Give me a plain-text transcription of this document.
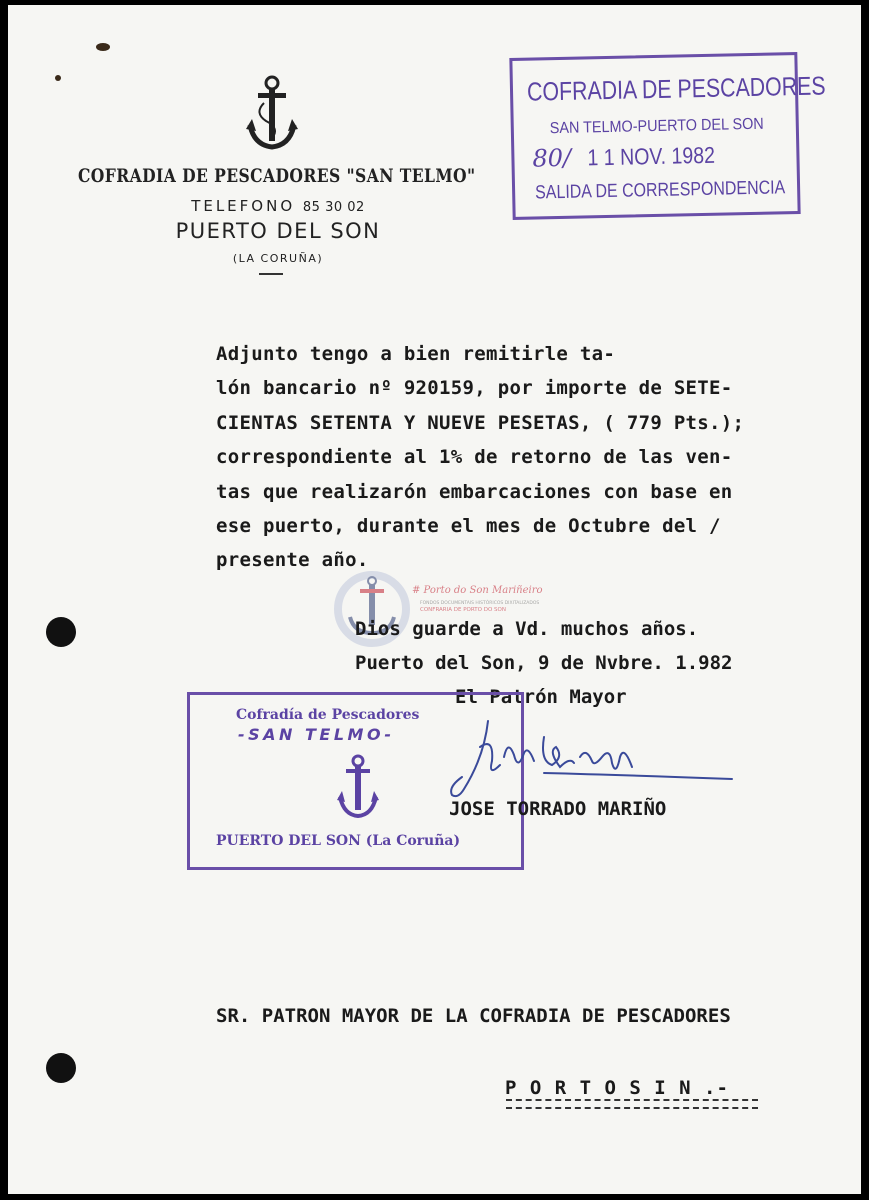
COFRADIA DE PESCADORES "SAN TELMO"
TELEFONO 85 30 02
PUERTO DEL SON
(LA CORUÑA)
COFRADIA DE PESCADORES
SAN TELMO-PUERTO DEL SON
80/ 1 1 NOV. 1982
SALIDA DE CORRESPONDENCIA
Adjunto tengo a bien remitirle ta-
lón bancario nº 920159, por importe de SETE-
CIENTAS SETENTA Y NUEVE PESETAS, ( 779 Pts.);
correspondiente al 1% de retorno de las ven-
tas que realizarón embarcaciones con base en
ese puerto, durante el mes de Octubre del /
presente año.
# Porto do Son Mariñeiro
FONDOS DOCUMENTAIS HISTÓRICOS DIXITALIZADOS
CONFRARIA DE PORTO DO SON
Dios guarde a Vd. muchos años.
Puerto del Son, 9 de Nvbre. 1.982
El Patrón Mayor
Cofradía de Pescadores
-SAN TELMO-
PUERTO DEL SON (La Coruña)
JOSE TORRADO MARIÑO
SR. PATRON MAYOR DE LA COFRADIA DE PESCADORES
P O R T O S I N .-
